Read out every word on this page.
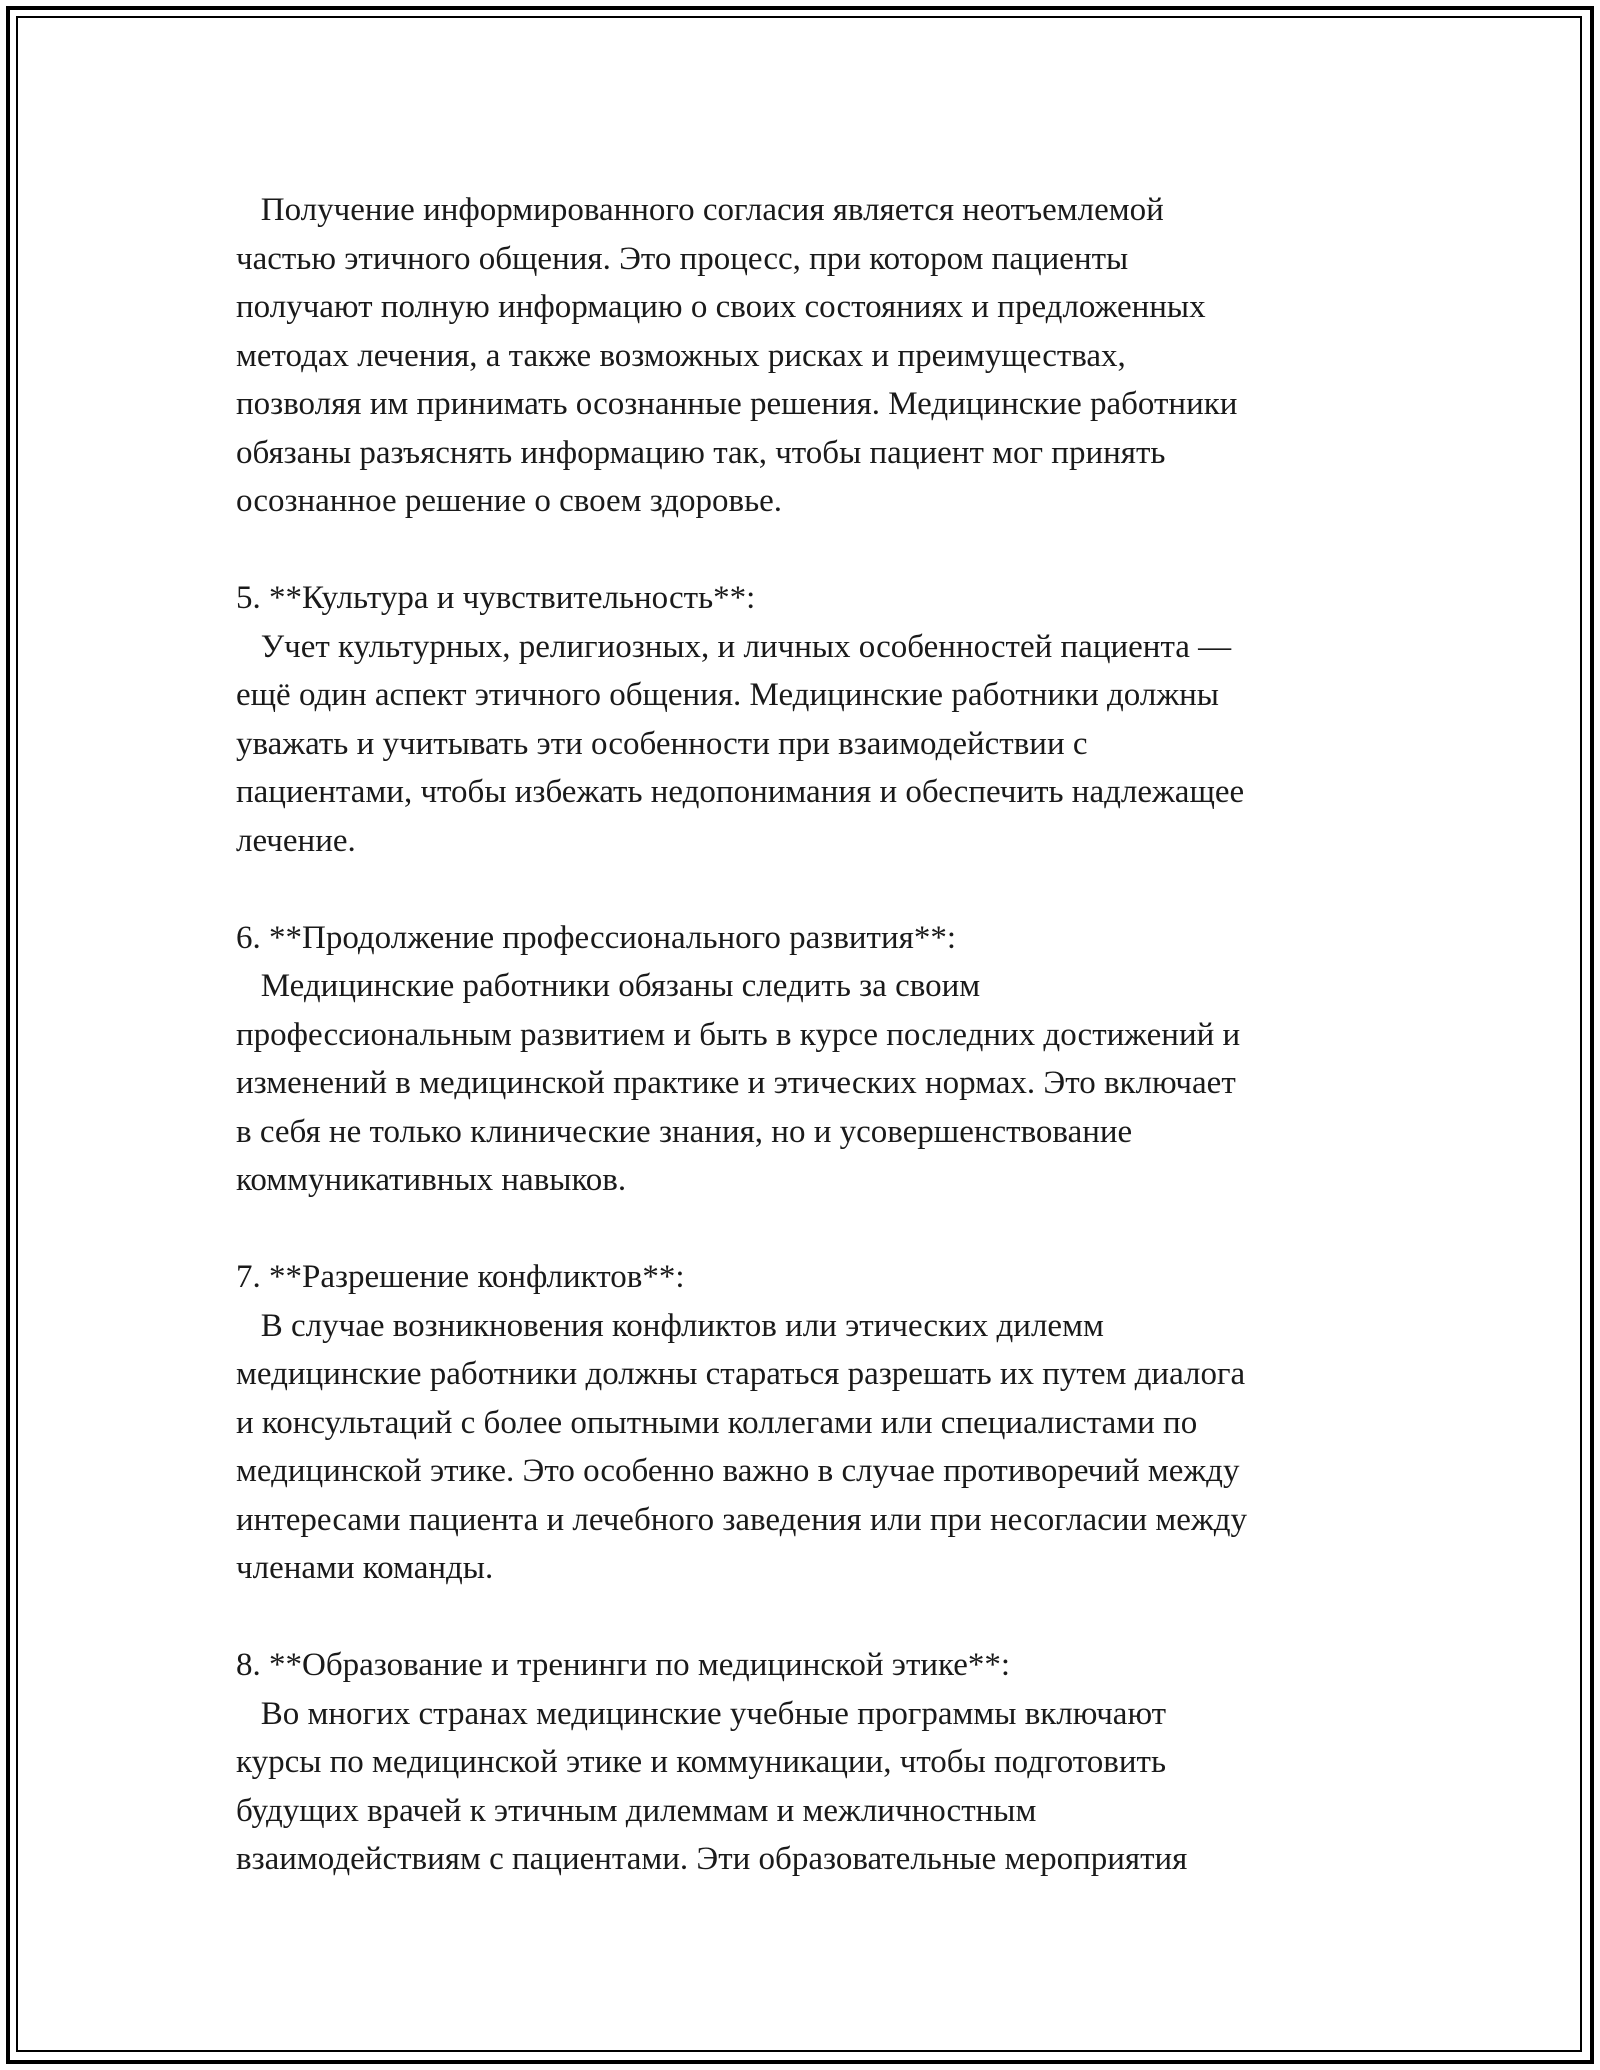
Получение информированного согласия является неотъемлемой
частью этичного общения. Это процесс, при котором пациенты
получают полную информацию о своих состояниях и предложенных
методах лечения, а также возможных рисках и преимуществах,
позволяя им принимать осознанные решения. Медицинские работники
обязаны разъяснять информацию так, чтобы пациент мог принять
осознанное решение о своем здоровье.
5. **Культура и чувствительность**:
Учет культурных, религиозных, и личных особенностей пациента —
ещё один аспект этичного общения. Медицинские работники должны
уважать и учитывать эти особенности при взаимодействии с
пациентами, чтобы избежать недопонимания и обеспечить надлежащее
лечение.
6. **Продолжение профессионального развития**:
Медицинские работники обязаны следить за своим
профессиональным развитием и быть в курсе последних достижений и
изменений в медицинской практике и этических нормах. Это включает
в себя не только клинические знания, но и усовершенствование
коммуникативных навыков.
7. **Разрешение конфликтов**:
В случае возникновения конфликтов или этических дилемм
медицинские работники должны стараться разрешать их путем диалога
и консультаций с более опытными коллегами или специалистами по
медицинской этике. Это особенно важно в случае противоречий между
интересами пациента и лечебного заведения или при несогласии между
членами команды.
8. **Образование и тренинги по медицинской этике**:
Во многих странах медицинские учебные программы включают
курсы по медицинской этике и коммуникации, чтобы подготовить
будущих врачей к этичным дилеммам и межличностным
взаимодействиям с пациентами. Эти образовательные мероприятия
